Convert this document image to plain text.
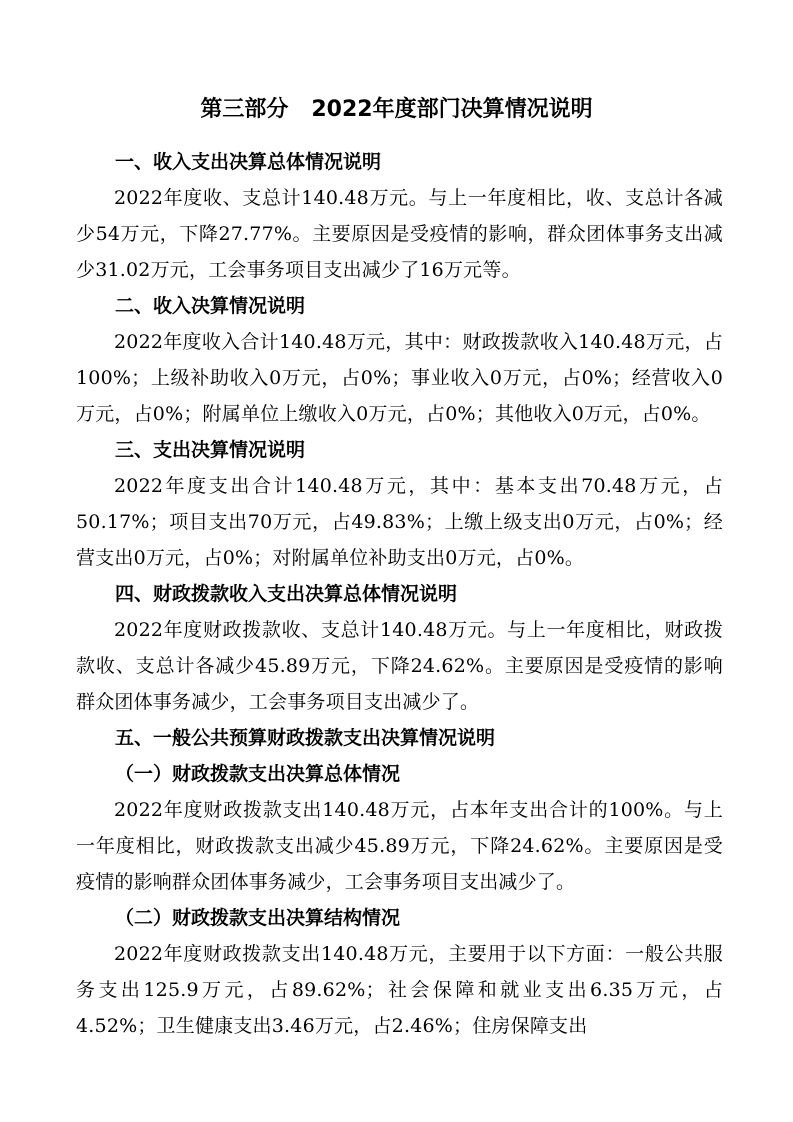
第三部分   2022年度部门决算情况说明
一、收入支出决算总体情况说明
2022年度收、支总计140.48万元。与上一年度相比，收、支总计各减少54万元，下降27.77%。主要原因是受疫情的影响，群众团体事务支出减少31.02万元，工会事务项目支出减少了16万元等。
二、收入决算情况说明
2022年度收入合计140.48万元，其中：财政拨款收入140.48万元，占100%；上级补助收入0万元，占0%；事业收入0万元，占0%；经营收入0万元，占0%；附属单位上缴收入0万元，占0%；其他收入0万元，占0%。
三、支出决算情况说明
2022年度支出合计140.48万元，其中：基本支出70.48万元，占50.17%；项目支出70万元，占49.83%；上缴上级支出0万元，占0%；经营支出0万元，占0%；对附属单位补助支出0万元，占0%。
四、财政拨款收入支出决算总体情况说明
2022年度财政拨款收、支总计140.48万元。与上一年度相比，财政拨款收、支总计各减少45.89万元，下降24.62%。主要原因是受疫情的影响群众团体事务减少，工会事务项目支出减少了。
五、一般公共预算财政拨款支出决算情况说明
（一）财政拨款支出决算总体情况
2022年度财政拨款支出140.48万元，占本年支出合计的100%。与上一年度相比，财政拨款支出减少45.89万元，下降24.62%。主要原因是受疫情的影响群众团体事务减少，工会事务项目支出减少了。
（二）财政拨款支出决算结构情况
2022年度财政拨款支出140.48万元，主要用于以下方面：一般公共服务支出125.9万元，占89.62%；社会保障和就业支出6.35万元，占4.52%；卫生健康支出3.46万元，占2.46%；住房保障支出
